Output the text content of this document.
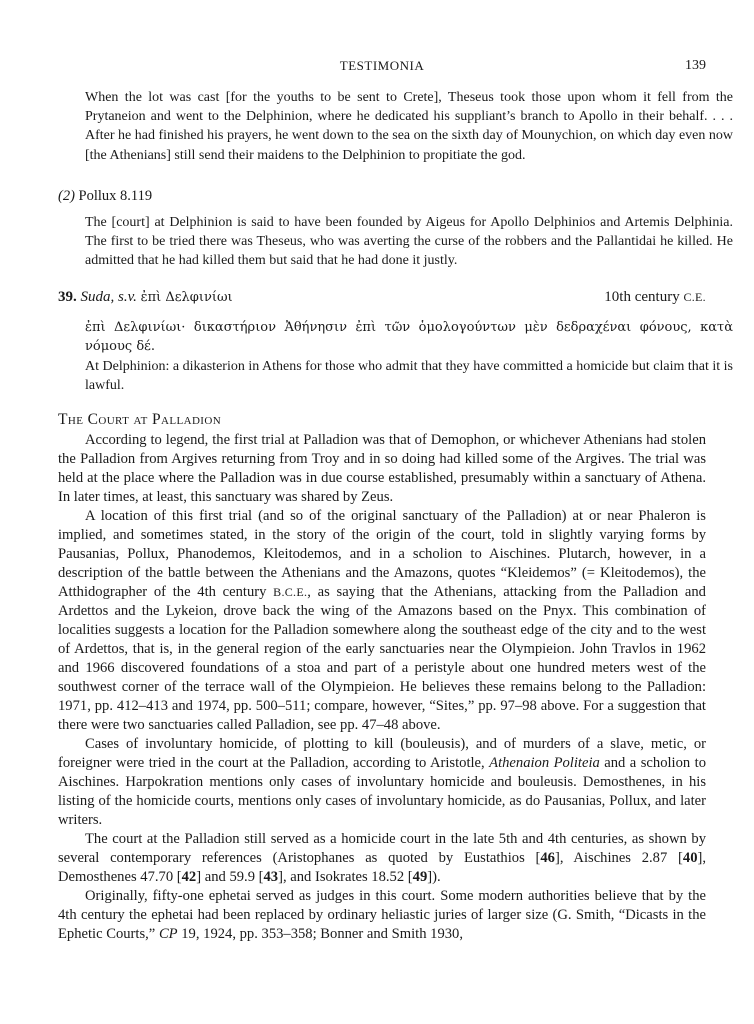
TESTIMONIA	139
When the lot was cast [for the youths to be sent to Crete], Theseus took those upon whom it fell from the Prytaneion and went to the Delphinion, where he dedicated his suppliant’s branch to Apollo in their behalf. . . . After he had finished his prayers, he went down to the sea on the sixth day of Mounychion, on which day even now [the Athenians] still send their maidens to the Delphinion to propitiate the god.
(2) Pollux 8.119
The [court] at Delphinion is said to have been founded by Aigeus for Apollo Delphinios and Artemis Delphinia. The first to be tried there was Theseus, who was averting the curse of the robbers and the Pallantidai he killed. He admitted that he had killed them but said that he had done it justly.
39. Suda, s.v. ἐπὶ Δελφινίωι	10th century C.E.
ἐπὶ Δελφινίωι· δικαστήριον Ἀθήνησιν ἐπὶ τῶν ὁμολογούντων μὲν δεδραχέναι φόνους, κατὰ νόμους δέ.
At Delphinion: a dikasterion in Athens for those who admit that they have committed a homicide but claim that it is lawful.
The Court at Palladion

According to legend, the first trial at Palladion was that of Demophon, or whichever Athenians had stolen the Palladion from Argives returning from Troy and in so doing had killed some of the Argives. The trial was held at the place where the Palladion was in due course established, presumably within a sanctuary of Athena. In later times, at least, this sanctuary was shared by Zeus.

A location of this first trial (and so of the original sanctuary of the Palladion) at or near Phaleron is implied, and sometimes stated, in the story of the origin of the court, told in slightly varying forms by Pausanias, Pollux, Phanodemos, Kleitodemos, and in a scholion to Aischines. Plutarch, however, in a description of the battle between the Athenians and the Amazons, quotes “Kleidemos” (= Kleitodemos), the Atthidographer of the 4th century B.C.E., as saying that the Athenians, attacking from the Palladion and Ardettos and the Lykeion, drove back the wing of the Amazons based on the Pnyx. This combination of localities suggests a location for the Palladion somewhere along the southeast edge of the city and to the west of Ardettos, that is, in the general region of the early sanctuaries near the Olympieion. John Travlos in 1962 and 1966 discovered foundations of a stoa and part of a peristyle about one hundred meters west of the southwest corner of the terrace wall of the Olympieion. He believes these remains belong to the Palladion: 1971, pp. 412–413 and 1974, pp. 500–511; compare, however, “Sites,” pp. 97–98 above. For a suggestion that there were two sanctuaries called Palladion, see pp. 47–48 above.

Cases of involuntary homicide, of plotting to kill (bouleusis), and of murders of a slave, metic, or foreigner were tried in the court at the Palladion, according to Aristotle, Athenaion Politeia and a scholion to Aischines. Harpokration mentions only cases of involuntary homicide and bouleusis. Demosthenes, in his listing of the homicide courts, mentions only cases of involuntary homicide, as do Pausanias, Pollux, and later writers.

The court at the Palladion still served as a homicide court in the late 5th and 4th centuries, as shown by several contemporary references (Aristophanes as quoted by Eustathios [46], Aischines 2.87 [40], Demosthenes 47.70 [42] and 59.9 [43], and Isokrates 18.52 [49]).

Originally, fifty-one ephetai served as judges in this court. Some modern authorities believe that by the 4th century the ephetai had been replaced by ordinary heliastic juries of larger size (G. Smith, “Dicasts in the Ephetic Courts,” CP 19, 1924, pp. 353–358; Bonner and Smith 1930,
